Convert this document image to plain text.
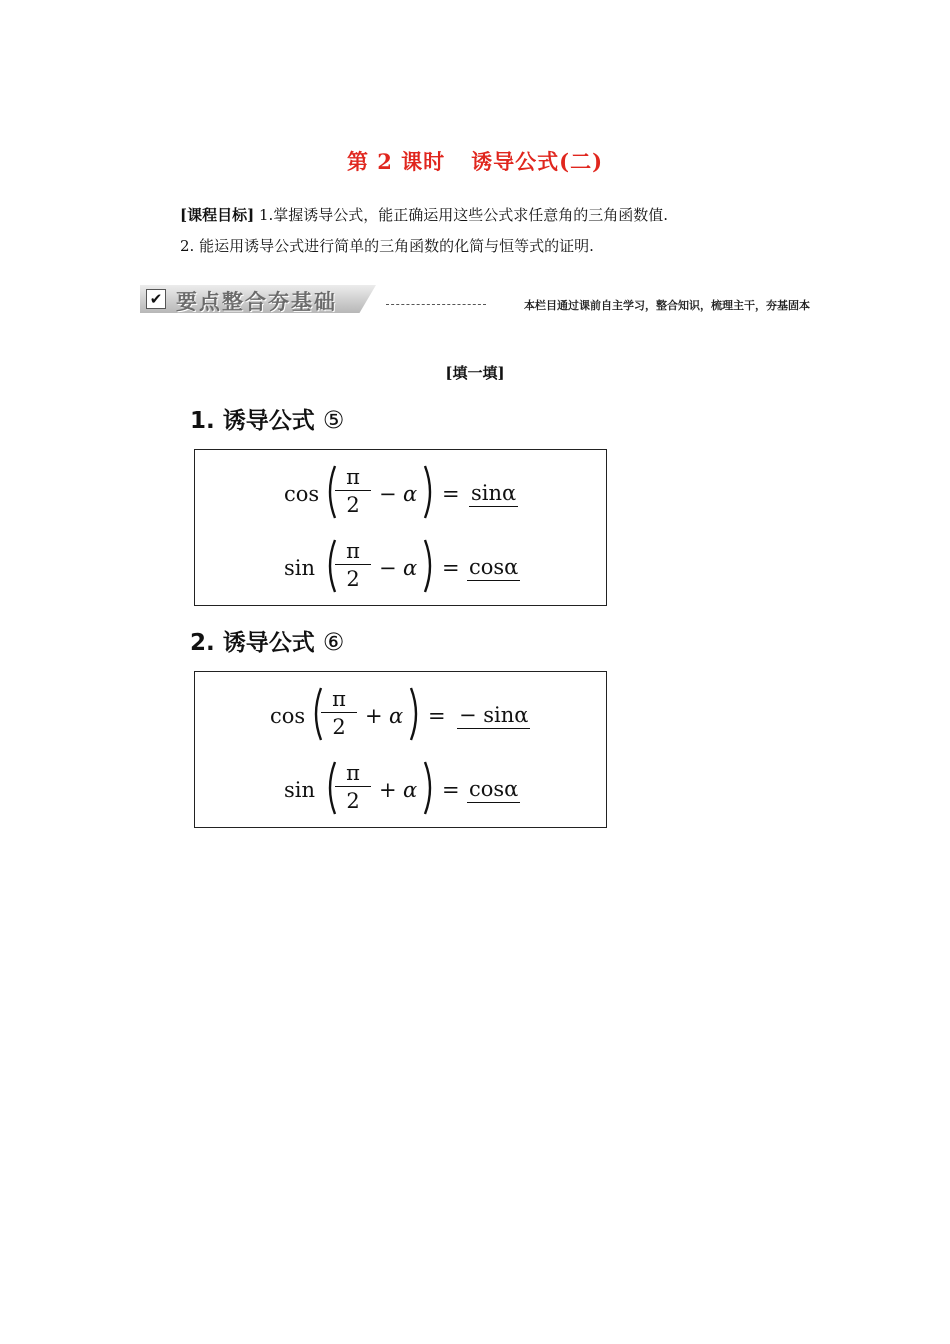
第 2 课时 诱导公式(二)
[课程目标] 1.掌握诱导公式，能正确运用这些公式求任意角的三角函数值.
2. 能运用诱导公式进行简单的三角函数的化简与恒等式的证明.
✔ 要点整合夯基础	本栏目通过课前自主学习，整合知识，梳理主干，夯基固本
[填一填]
1. 诱导公式 ⑤
cos
π
2 − α = sinα
sin
π
2 − α = cosα
2. 诱导公式 ⑥
cos
π
2 + α = − sinα
sin
π
2 + α = cosα
